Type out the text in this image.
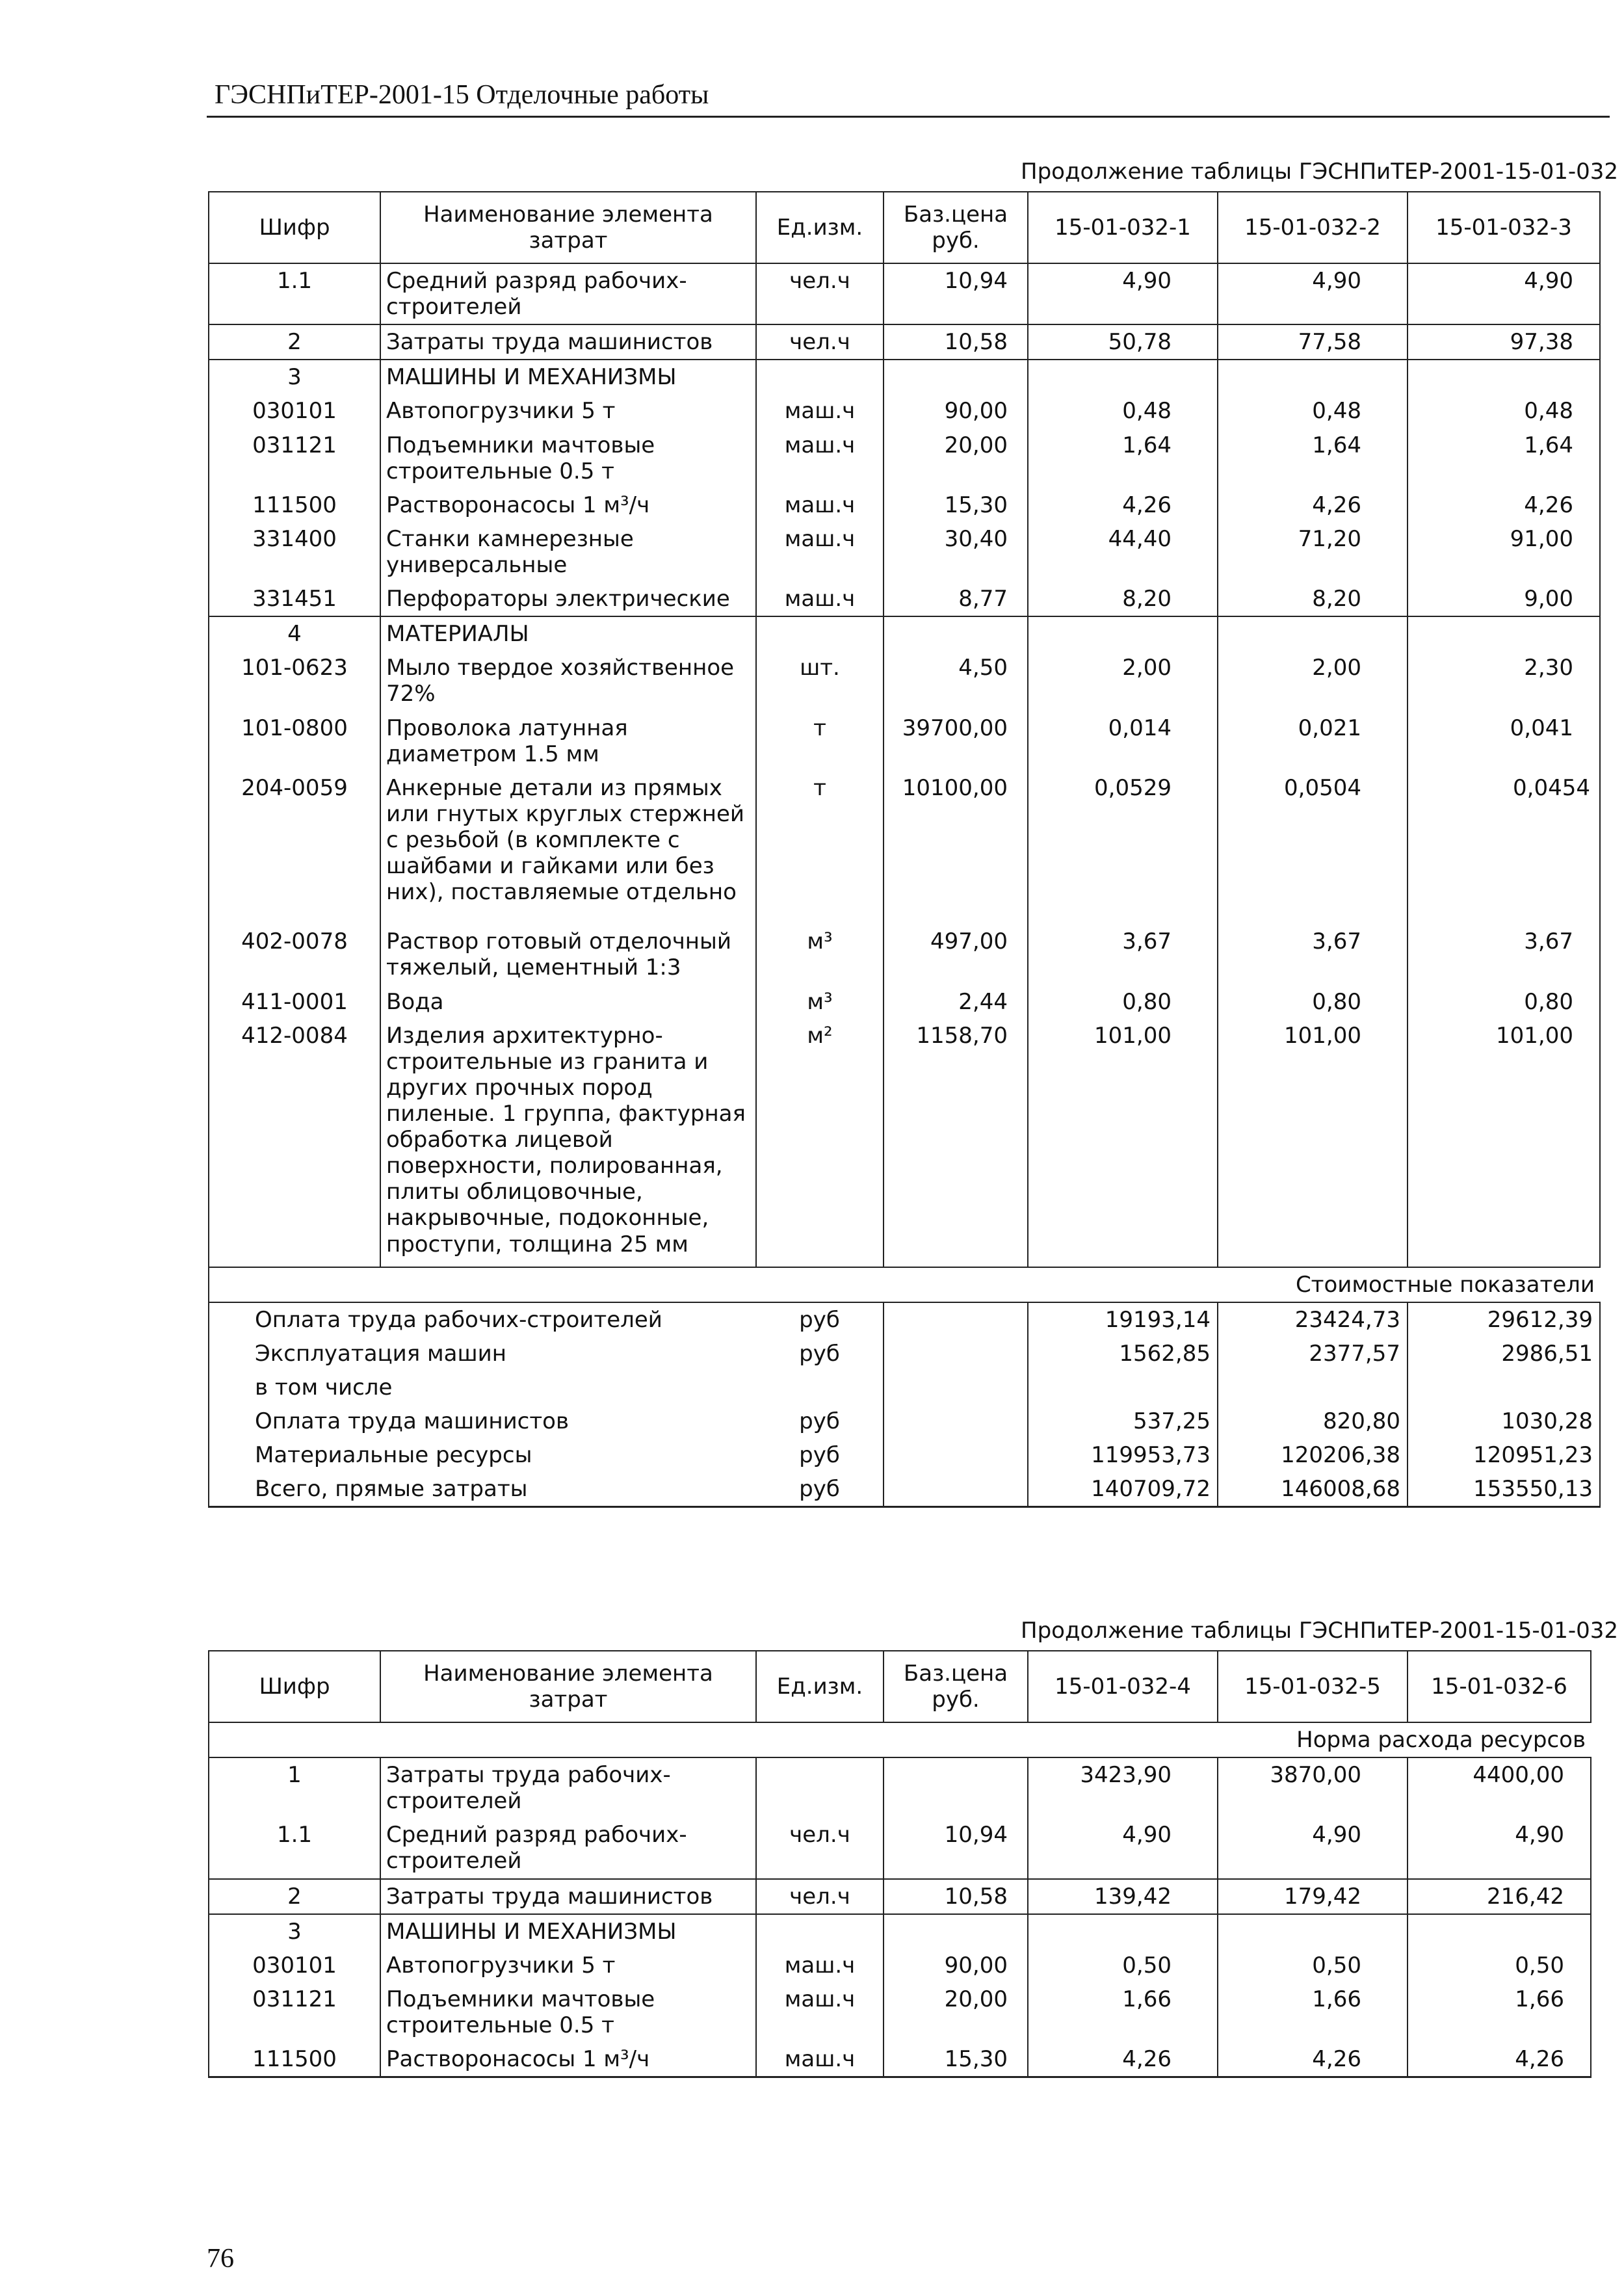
ГЭСНПиТЕР-2001-15 Отделочные работы
Продолжение таблицы ГЭСНПиТЕР-2001-15-01-032
Шифр	Наименование элемента затрат	Ед.изм.	Баз.цена руб.	15-01-032-1	15-01-032-2	15-01-032-3
1.1	Средний разряд рабочих-строителей	чел.ч	10,94	4,90	4,90	4,90
2	Затраты труда машинистов	чел.ч	10,58	50,78	77,58	97,38
3	МАШИНЫ И МЕХАНИЗМЫ					
030101	Автопогрузчики 5 т	маш.ч	90,00	0,48	0,48	0,48
031121	Подъемники мачтовые строительные 0.5 т	маш.ч	20,00	1,64	1,64	1,64
111500	Растворонасосы 1 м³/ч	маш.ч	15,30	4,26	4,26	4,26
331400	Станки камнерезные универсальные	маш.ч	30,40	44,40	71,20	91,00
331451	Перфораторы электрические	маш.ч	8,77	8,20	8,20	9,00
4	МАТЕРИАЛЫ					
101-0623	Мыло твердое хозяйственное 72%	шт.	4,50	2,00	2,00	2,30
101-0800	Проволока латунная диаметром 1.5 мм	т	39700,00	0,014	0,021	0,041
204-0059	Анкерные детали из прямых или гнутых круглых стержней с резьбой (в комплекте с шайбами и гайками или без них), поставляемые отдельно	т	10100,00	0,0529	0,0504	0,0454
402-0078	Раствор готовый отделочный тяжелый, цементный 1:3	м³	497,00	3,67	3,67	3,67
411-0001	Вода	м³	2,44	0,80	0,80	0,80
412-0084	Изделия архитектурно-строительные из гранита и других прочных пород пиленые. 1 группа, фактурная обработка лицевой поверхности, полированная, плиты облицовочные, накрывочные, подоконные, проступи, толщина 25 мм	м²	1158,70	101,00	101,00	101,00
Стоимостные показатели						
Оплата труда рабочих-строителей		руб		19193,14	23424,73	29612,39
Эксплуатация машин		руб		1562,85	2377,57	2986,51
в том числе						
Оплата труда машинистов		руб		537,25	820,80	1030,28
Материальные ресурсы		руб		119953,73	120206,38	120951,23
Всего, прямые затраты		руб		140709,72	146008,68	153550,13
Продолжение таблицы ГЭСНПиТЕР-2001-15-01-032
Шифр	Наименование элемента затрат	Ед.изм.	Баз.цена руб.	15-01-032-4	15-01-032-5	15-01-032-6
Норма расхода ресурсов						
1	Затраты труда рабочих-строителей			3423,90	3870,00	4400,00
1.1	Средний разряд рабочих-строителей	чел.ч	10,94	4,90	4,90	4,90
2	Затраты труда машинистов	чел.ч	10,58	139,42	179,42	216,42
3	МАШИНЫ И МЕХАНИЗМЫ					
030101	Автопогрузчики 5 т	маш.ч	90,00	0,50	0,50	0,50
031121	Подъемники мачтовые строительные 0.5 т	маш.ч	20,00	1,66	1,66	1,66
111500	Растворонасосы 1 м³/ч	маш.ч	15,30	4,26	4,26	4,26
76
